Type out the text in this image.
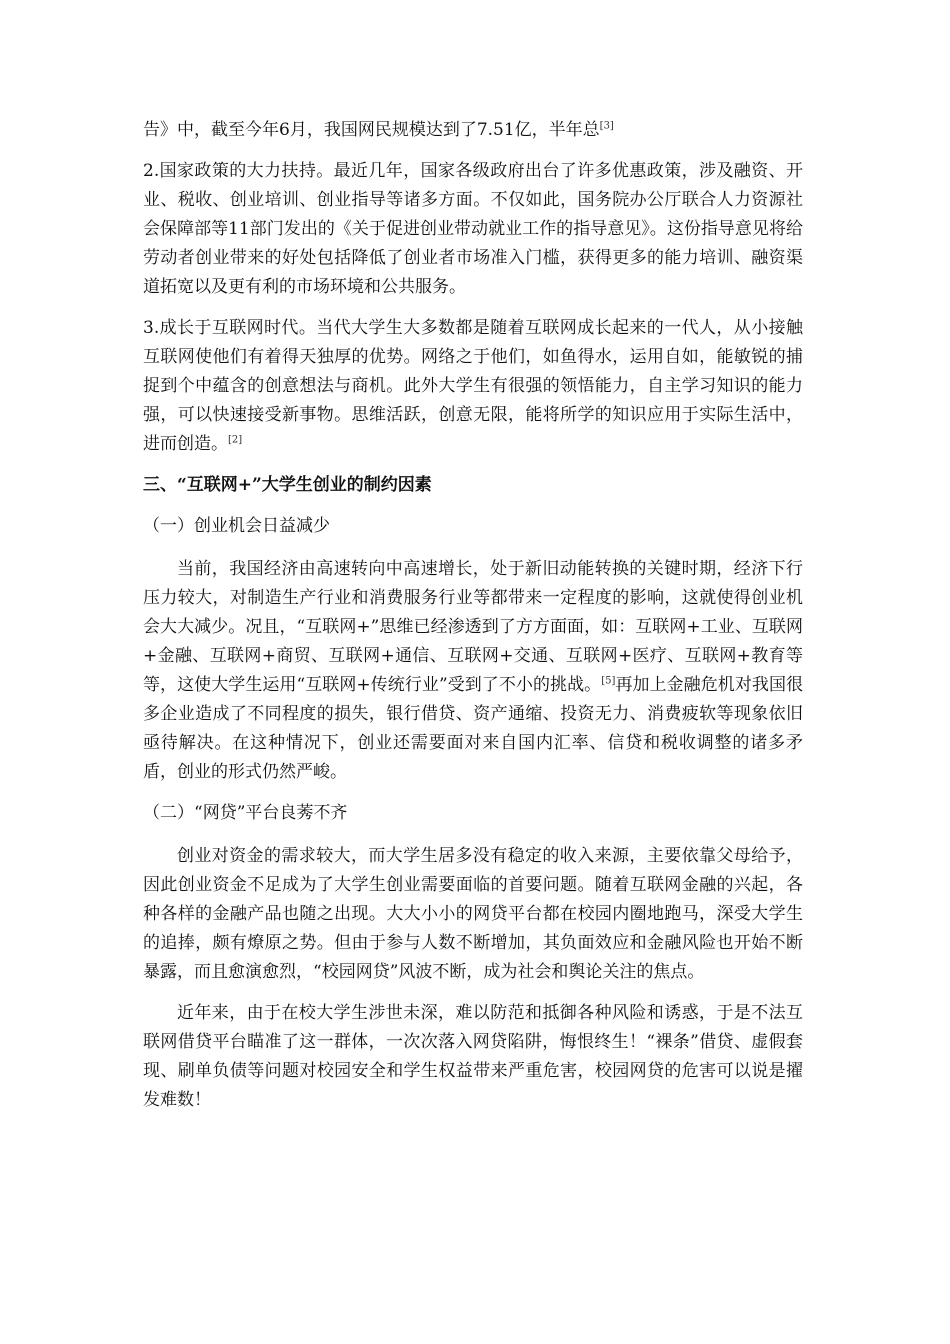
告》中，截至今年6月，我国网民规模达到了7.51亿，半年总[3]

2.国家政策的大力扶持。最近几年，国家各级政府出台了许多优惠政策，涉及融资、开业、税收、创业培训、创业指导等诸多方面。不仅如此，国务院办公厅联合人力资源社会保障部等11部门发出的《关于促进创业带动就业工作的指导意见》。这份指导意见将给劳动者创业带来的好处包括降低了创业者市场准入门槛，获得更多的能力培训、融资渠道拓宽以及更有利的市场环境和公共服务。

3.成长于互联网时代。当代大学生大多数都是随着互联网成长起来的一代人，从小接触互联网使他们有着得天独厚的优势。网络之于他们，如鱼得水，运用自如，能敏锐的捕捉到个中蕴含的创意想法与商机。此外大学生有很强的领悟能力，自主学习知识的能力强，可以快速接受新事物。思维活跃，创意无限，能将所学的知识应用于实际生活中，进而创造。[2]

三、“互联网+”大学生创业的制约因素

（一）创业机会日益减少

当前，我国经济由高速转向中高速增长，处于新旧动能转换的关键时期，经济下行压力较大，对制造生产行业和消费服务行业等都带来一定程度的影响，这就使得创业机会大大减少。况且，“互联网+”思维已经渗透到了方方面面，如：互联网+工业、互联网+金融、互联网+商贸、互联网+通信、互联网+交通、互联网+医疗、互联网+教育等等，这使大学生运用“互联网+传统行业”受到了不小的挑战。[5]再加上金融危机对我国很多企业造成了不同程度的损失，银行借贷、资产通缩、投资无力、消费疲软等现象依旧亟待解决。在这种情况下，创业还需要面对来自国内汇率、信贷和税收调整的诸多矛盾，创业的形式仍然严峻。

（二）“网贷”平台良莠不齐

创业对资金的需求较大，而大学生居多没有稳定的收入来源，主要依靠父母给予，因此创业资金不足成为了大学生创业需要面临的首要问题。随着互联网金融的兴起，各种各样的金融产品也随之出现。大大小小的网贷平台都在校园内圈地跑马，深受大学生的追捧，颇有燎原之势。但由于参与人数不断增加，其负面效应和金融风险也开始不断暴露，而且愈演愈烈，“校园网贷”风波不断，成为社会和舆论关注的焦点。

近年来，由于在校大学生涉世未深，难以防范和抵御各种风险和诱惑，于是不法互联网借贷平台瞄准了这一群体，一次次落入网贷陷阱，悔恨终生！“裸条”借贷、虚假套现、刷单负债等问题对校园安全和学生权益带来严重危害，校园网贷的危害可以说是擢发难数！
